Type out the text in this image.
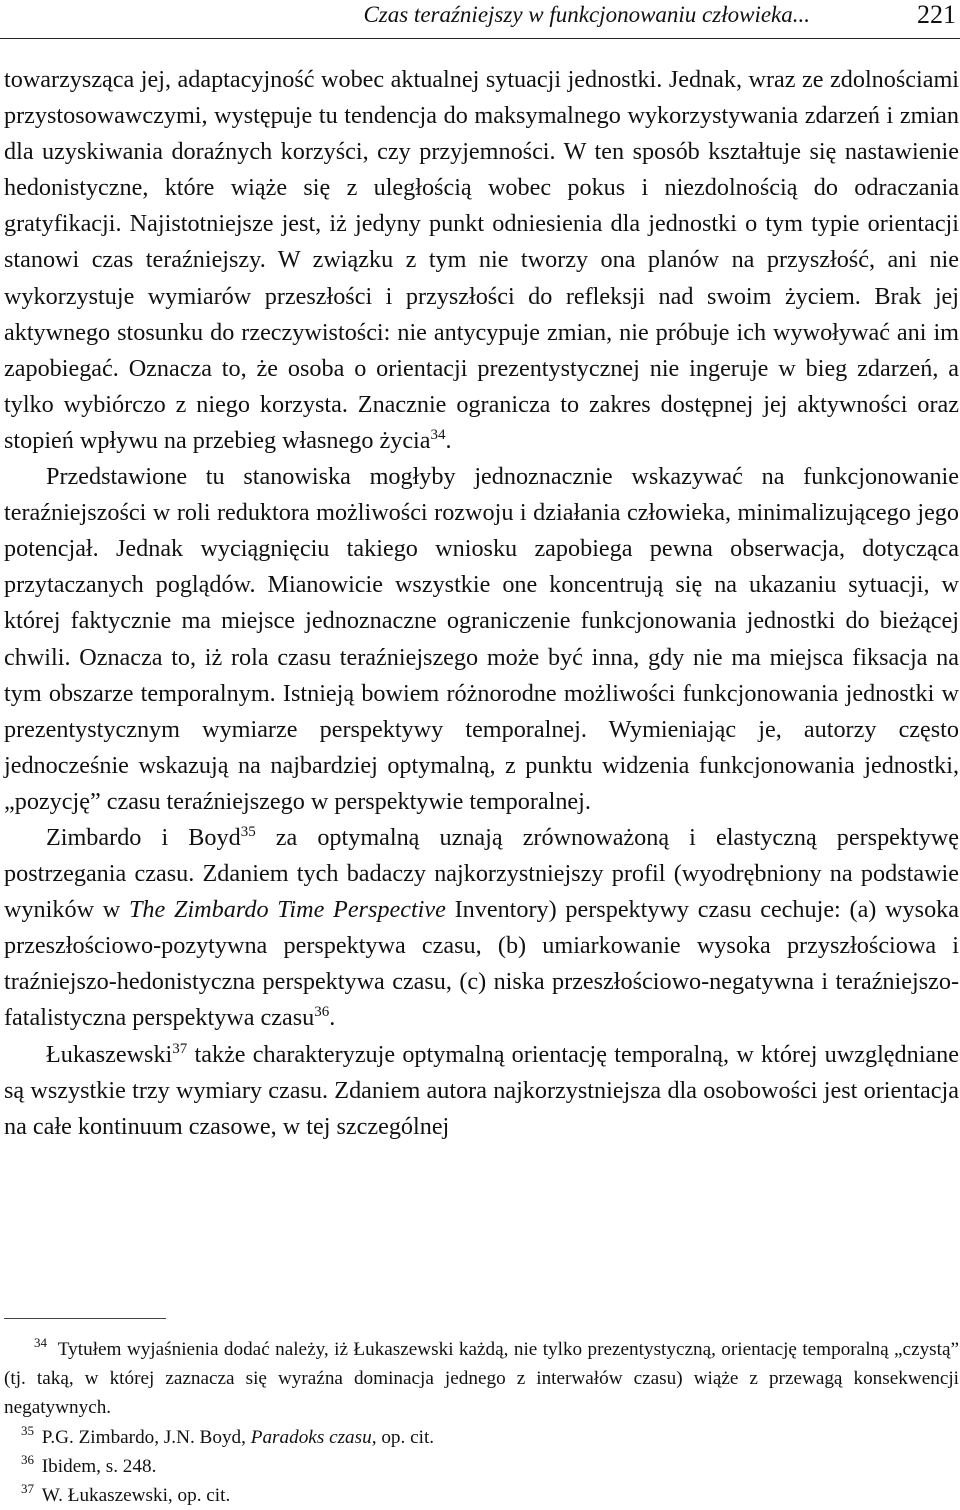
Czas teraźniejszy w funkcjonowaniu człowieka...	221

towarzysząca jej, adaptacyjność wobec aktualnej sytuacji jednostki. Jednak, wraz ze zdolnościami przystosowawczymi, występuje tu tendencja do maksymalnego wykorzystywania zdarzeń i zmian dla uzyskiwania doraźnych korzyści, czy przyjemności. W ten sposób kształtuje się nastawienie hedonistyczne, które wiąże się z uległością wobec pokus i niezdolnością do odraczania gratyfikacji. Najistotniejsze jest, iż jedyny punkt odniesienia dla jednostki o tym typie orientacji stanowi czas teraźniejszy. W związku z tym nie tworzy ona planów na przyszłość, ani nie wykorzystuje wymiarów przeszłości i przyszłości do refleksji nad swoim życiem. Brak jej aktywnego stosunku do rzeczywistości: nie antycypuje zmian, nie próbuje ich wywoływać ani im zapobiegać. Oznacza to, że osoba o orientacji prezentystycznej nie ingeruje w bieg zdarzeń, a tylko wybiórczo z niego korzysta. Znacznie ogranicza to zakres dostępnej jej aktywności oraz stopień wpływu na przebieg własnego życia$^{34}$.

Przedstawione tu stanowiska mogłyby jednoznacznie wskazywać na funkcjonowanie teraźniejszości w roli reduktora możliwości rozwoju i działania człowieka, minimalizującego jego potencjał. Jednak wyciągnięciu takiego wniosku zapobiega pewna obserwacja, dotycząca przytaczanych poglądów. Mianowicie wszystkie one koncentrują się na ukazaniu sytuacji, w której faktycznie ma miejsce jednoznaczne ograniczenie funkcjonowania jednostki do bieżącej chwili. Oznacza to, iż rola czasu teraźniejszego może być inna, gdy nie ma miejsca fiksacja na tym obszarze temporalnym. Istnieją bowiem różnorodne możliwości funkcjonowania jednostki w prezentystycznym wymiarze perspektywy temporalnej. Wymieniając je, autorzy często jednocześnie wskazują na najbardziej optymalną, z punktu widzenia funkcjonowania jednostki, „pozycję” czasu teraźniejszego w perspektywie temporalnej.

Zimbardo i Boyd$^{35}$ za optymalną uznają zrównoważoną i elastyczną perspektywę postrzegania czasu. Zdaniem tych badaczy najkorzystniejszy profil (wyodrębniony na podstawie wyników w The Zimbardo Time Perspective Inventory) perspektywy czasu cechuje: (a) wysoka przeszłościowo-pozytywna perspektywa czasu, (b) umiarkowanie wysoka przyszłościowa i traźniejszo-hedonistyczna perspektywa czasu, (c) niska przeszłościowo-negatywna i teraźniejszo-fatalistyczna perspektywa czasu$^{36}$.

Łukaszewski$^{37}$ także charakteryzuje optymalną orientację temporalną, w której uwzględniane są wszystkie trzy wymiary czasu. Zdaniem autora najkorzystniejsza dla osobowości jest orientacja na całe kontinuum czasowe, w tej szczególnej

$^{34}$ Tytułem wyjaśnienia dodać należy, iż Łukaszewski każdą, nie tylko prezentystyczną, orientację temporalną „czystą” (tj. taką, w której zaznacza się wyraźna dominacja jednego z interwałów czasu) wiąże z przewagą konsekwencji negatywnych.

$^{35}$ P.G. Zimbardo, J.N. Boyd, Paradoks czasu, op. cit.

$^{36}$ Ibidem, s. 248.

$^{37}$ W. Łukaszewski, op. cit.
